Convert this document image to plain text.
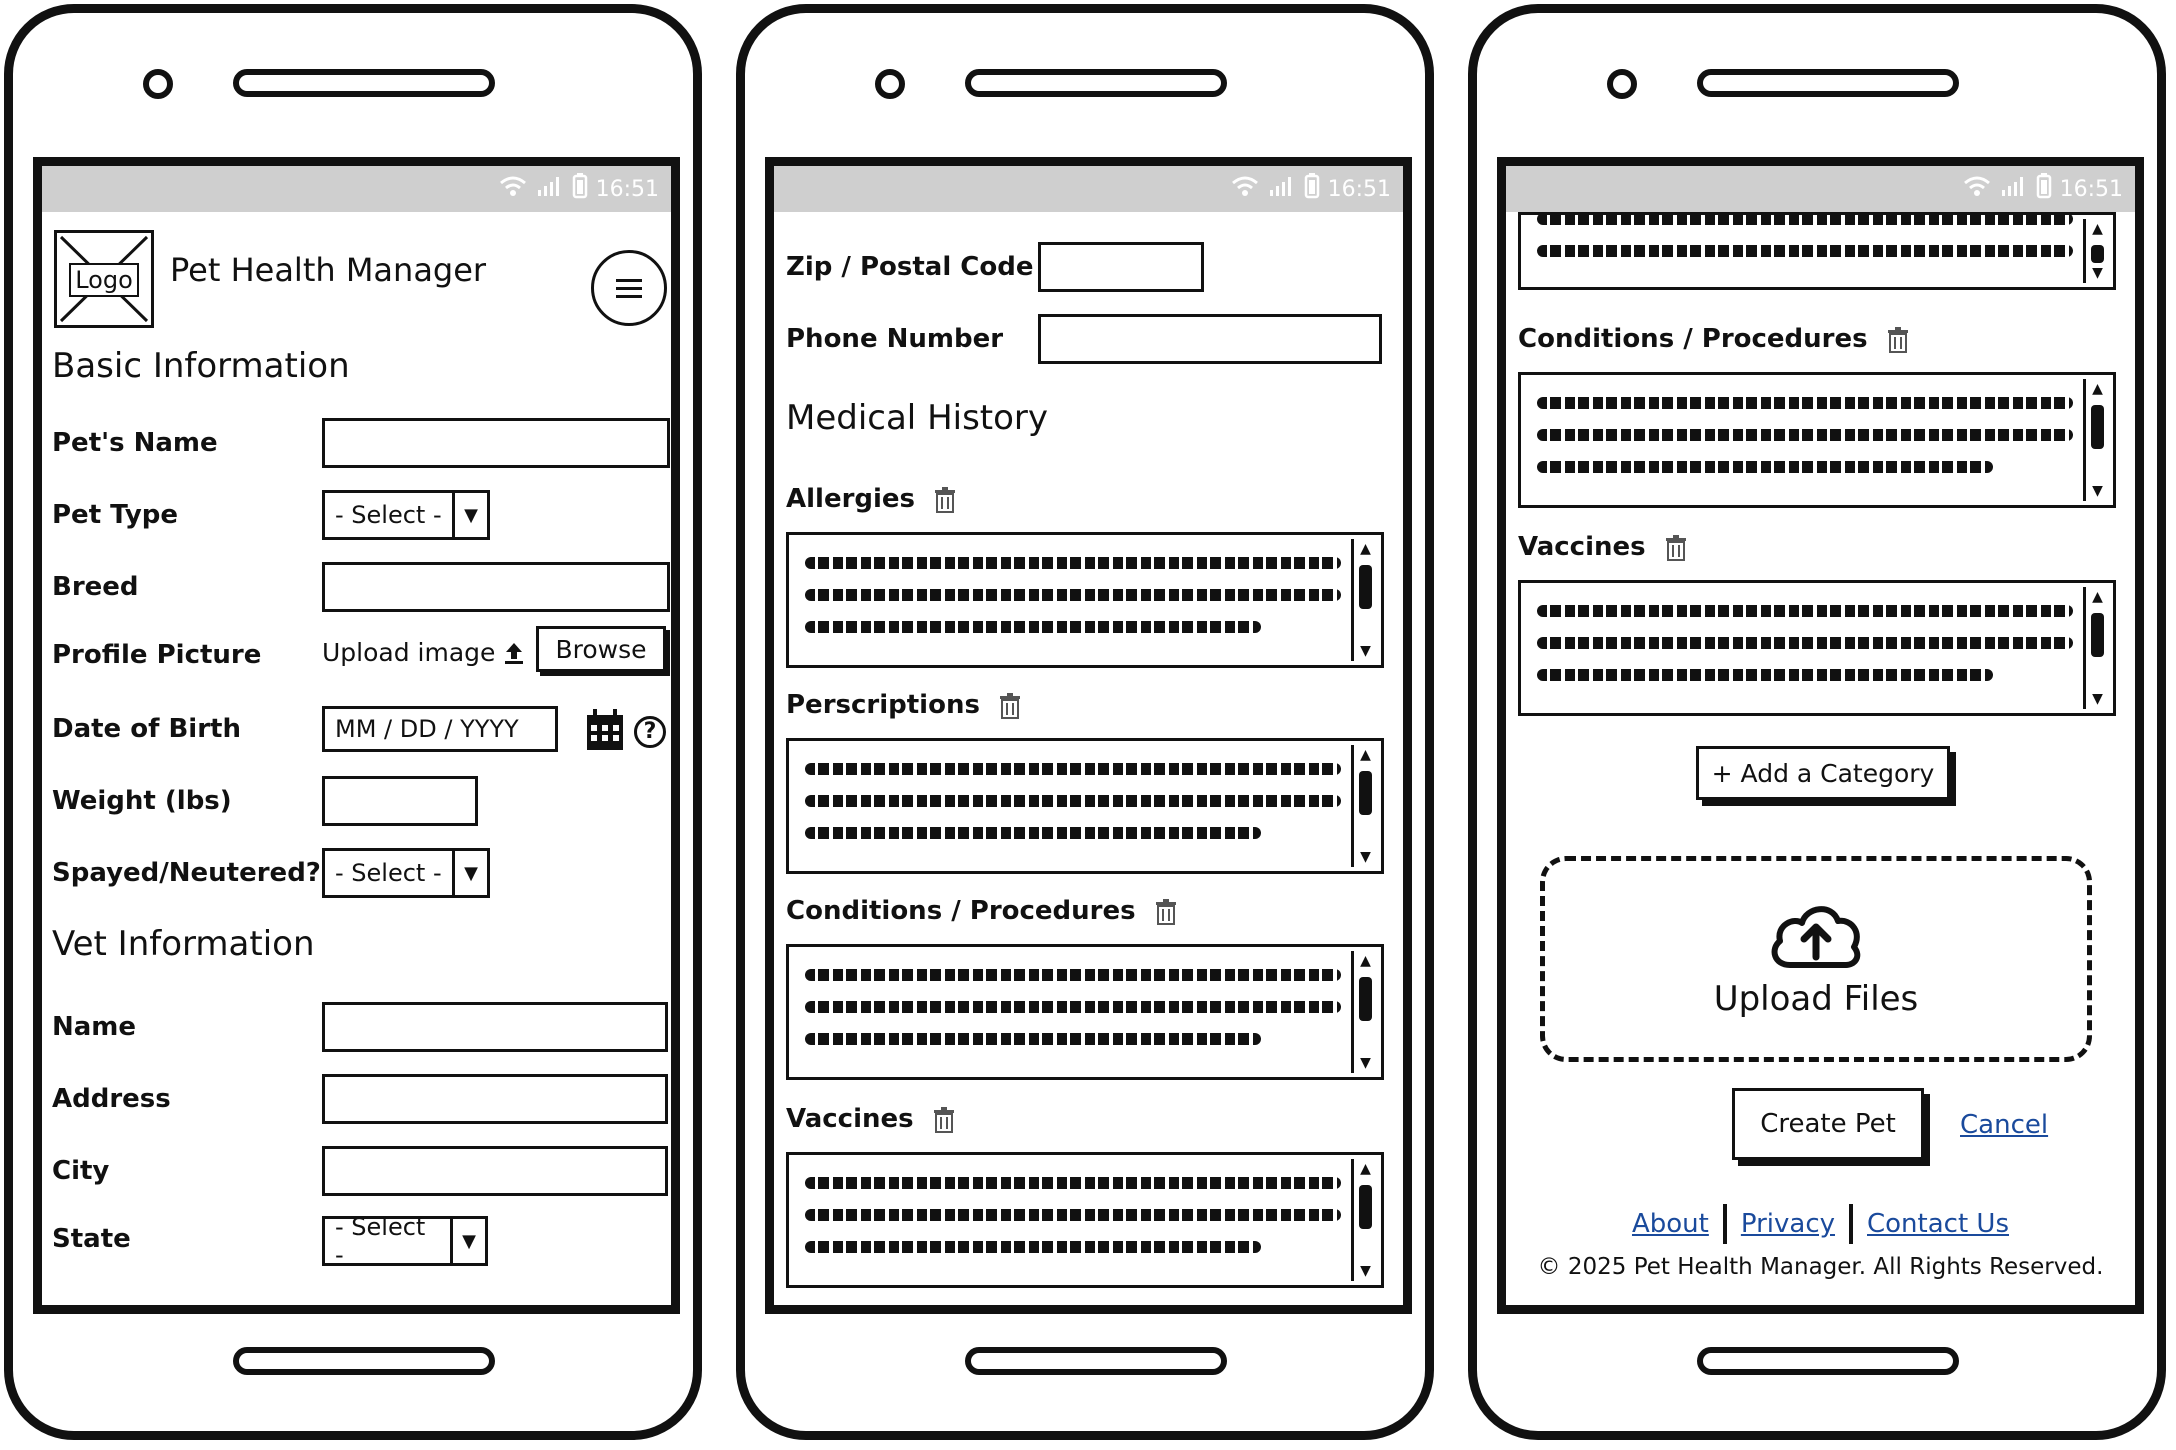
16:51
Logo Pet Health Manager
Basic Information
Pet's Name
Pet Type	- Select -	▼
Breed
Profile Picture Upload image	Browse
Date of Birth	MM / DD / YYYY	?
Weight (lbs)
Spayed/Neutered? - Select -	▼
Vet Information
Name
Address
City
State	- Select -	▼
16:51
Zip / Postal Code
Phone Number
Medical History
Allergies
▲
▼
Perscriptions
▲
▼
Conditions / Procedures
▲
▼
Vaccines
▲
▼
16:51
▲
▼
Conditions / Procedures
▲
▼
Vaccines
▲
▼
+ Add a Category
Upload Files
Create Pet	Cancel
About Privacy Contact Us
© 2025 Pet Health Manager. All Rights Reserved.
